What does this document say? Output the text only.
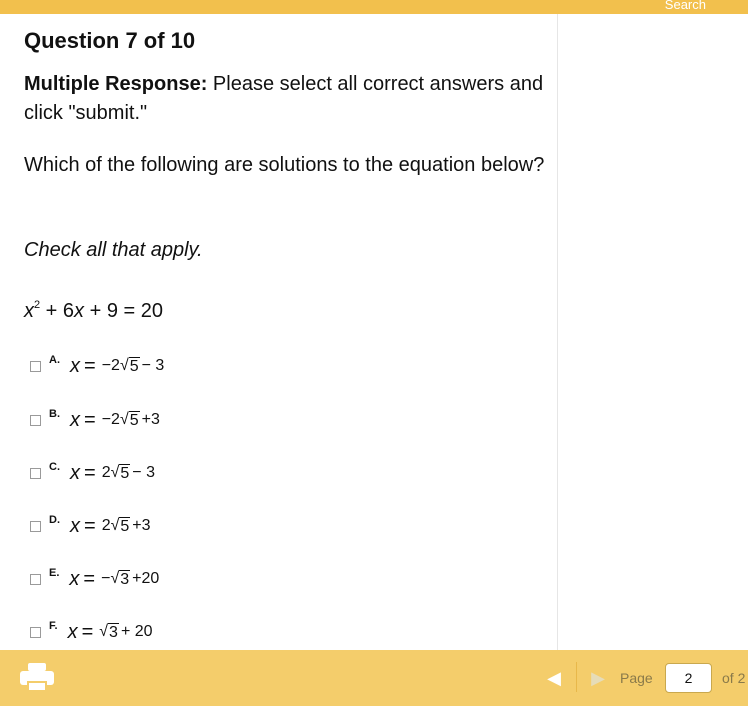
Search
Question 7 of 10
Multiple Response: Please select all correct answers and click "submit."
Which of the following are solutions to the equation below?
Check all that apply.
$x^2 + 6x + 9 = 20$
A. x = − 2 √ 5 − 3
B. x = − 2 √ 5 +3
C. x = 2 √ 5 − 3
D. x = 2 √ 5 +3
E. x = − √ 3 +20
F. x = √ 3 + 20
◀ ▶ Page
2	of 2
